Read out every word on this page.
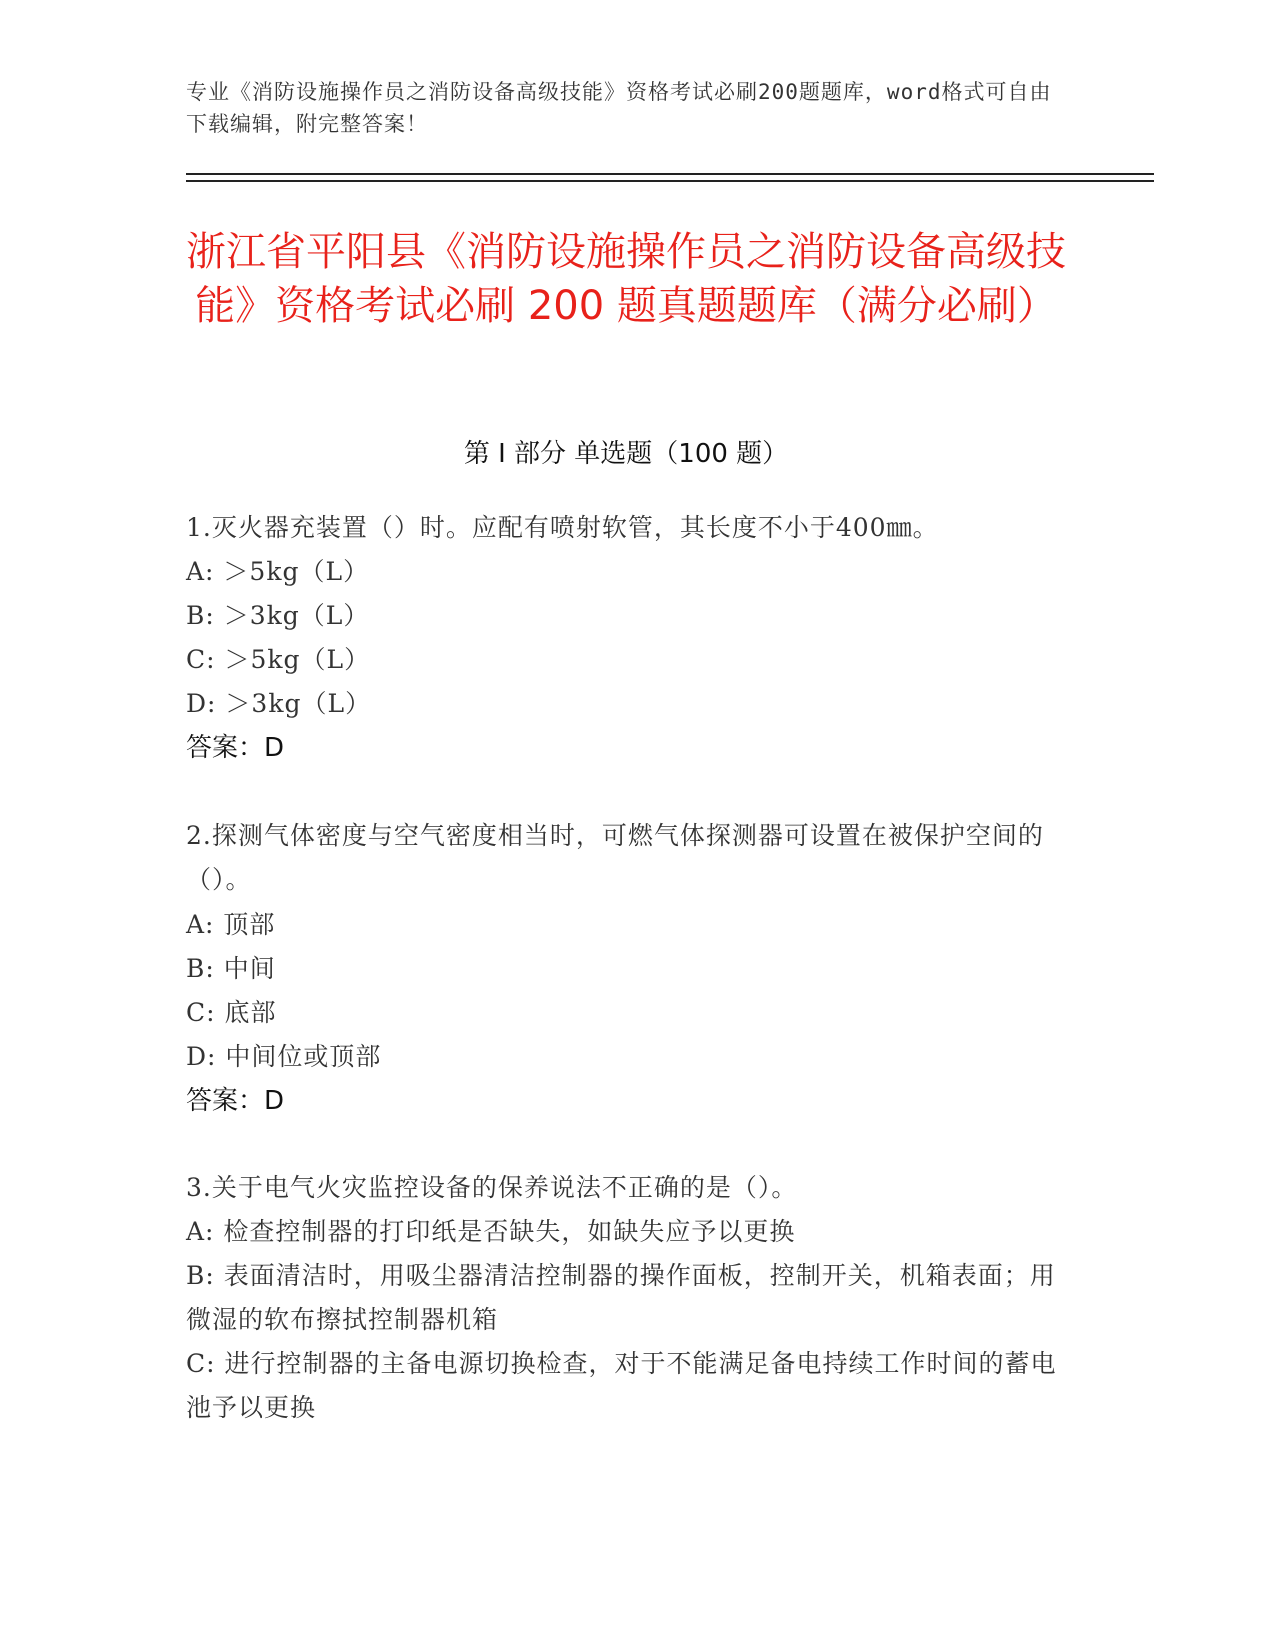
专业《消防设施操作员之消防设备高级技能》资格考试必刷200题题库，word格式可自由下载编辑，附完整答案！
浙江省平阳县《消防设施操作员之消防设备高级技能》资格考试必刷 200 题真题题库（满分必刷）
第 I 部分 单选题（100 题）
1.灭火器充装置（）时。应配有喷射软管，其长度不小于400㎜。
A: ＞5kg（L）
B: ＞3kg（L）
C: ＞5kg（L）
D: ＞3kg（L）
答案：D
2.探测气体密度与空气密度相当时，可燃气体探测器可设置在被保护空间的（）。
A: 顶部
B: 中间
C: 底部
D: 中间位或顶部
答案：D
3.关于电气火灾监控设备的保养说法不正确的是（）。
A: 检查控制器的打印纸是否缺失，如缺失应予以更换
B: 表面清洁时，用吸尘器清洁控制器的操作面板，控制开关，机箱表面；用微湿的软布擦拭控制器机箱
C: 进行控制器的主备电源切换检查，对于不能满足备电持续工作时间的蓄电池予以更换
